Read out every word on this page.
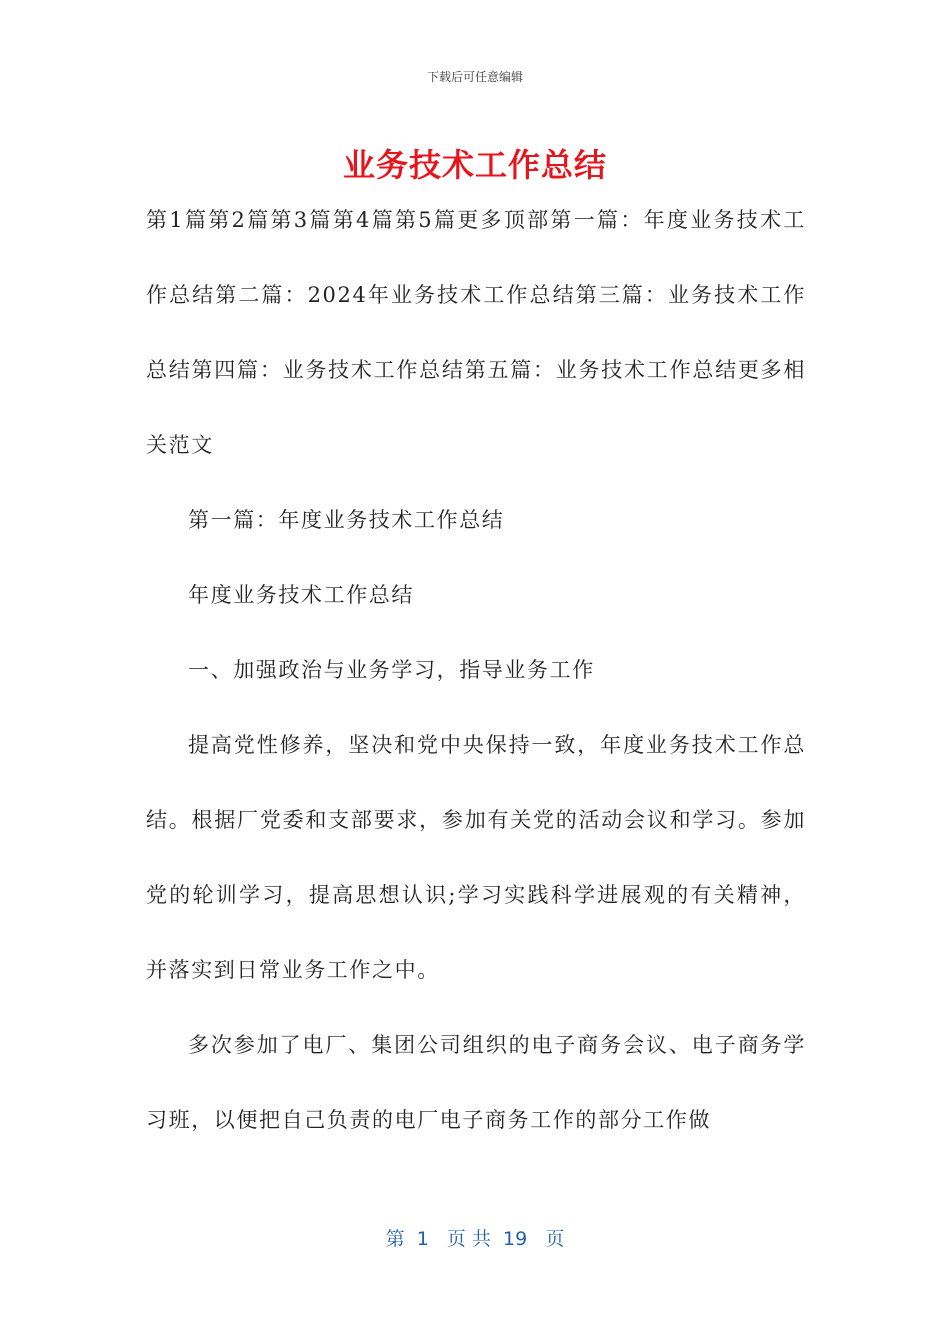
下载后可任意编辑
业务技术工作总结

第1篇第2篇第3篇第4篇第5篇更多顶部第一篇：年度业务技术工作总结第二篇：2024年业务技术工作总结第三篇：业务技术工作总结第四篇：业务技术工作总结第五篇：业务技术工作总结更多相关范文

第一篇：年度业务技术工作总结

年度业务技术工作总结

一、加强政治与业务学习，指导业务工作

提高党性修养，坚决和党中央保持一致，年度业务技术工作总结。根据厂党委和支部要求，参加有关党的活动会议和学习。参加党的轮训学习，提高思想认识;学习实践科学进展观的有关精神，并落实到日常业务工作之中。

多次参加了电厂、集团公司组织的电子商务会议、电子商务学习班，以便把自己负责的电厂电子商务工作的部分工作做

第  1   页 共  19   页
